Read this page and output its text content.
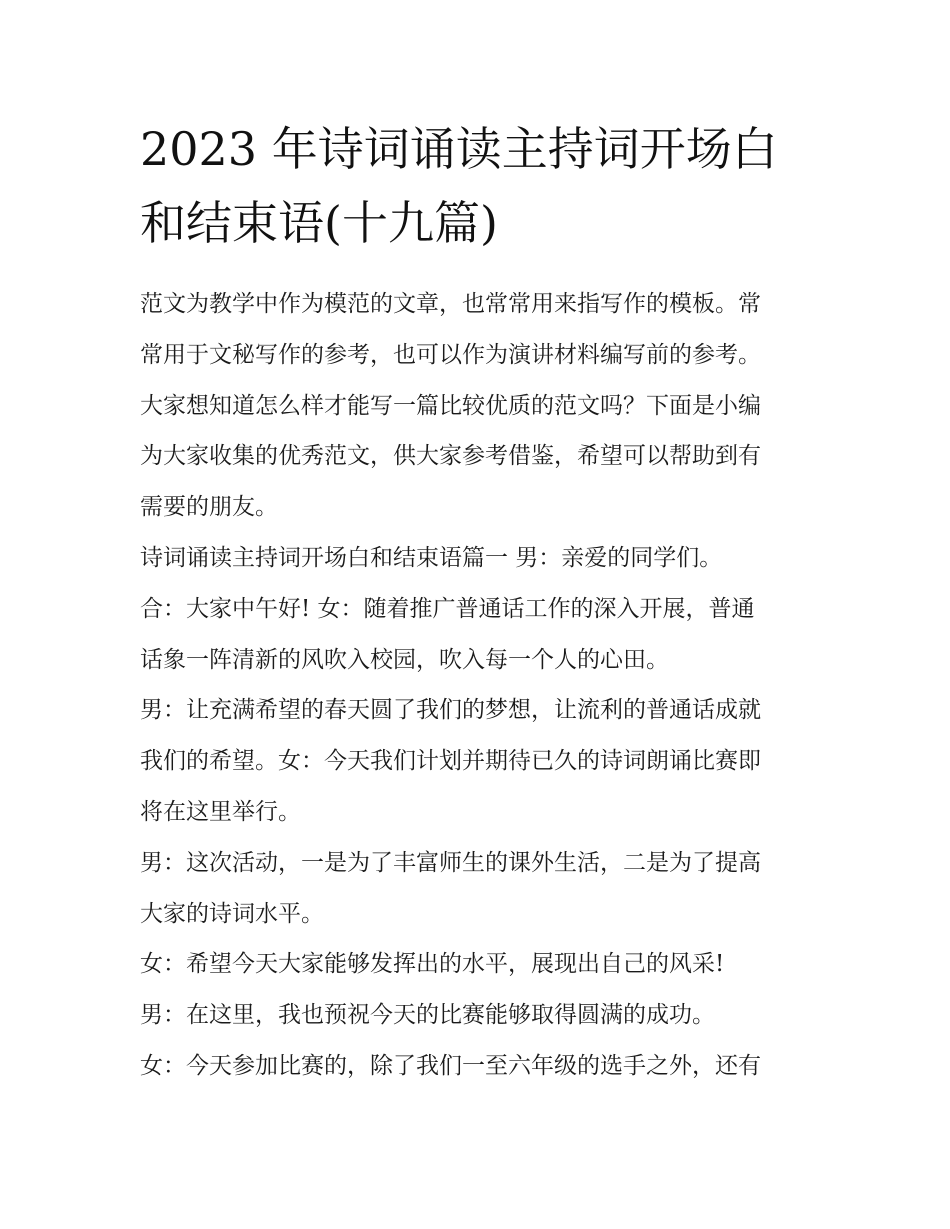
2023 年诗词诵读主持词开场白
和结束语(十九篇)
范文为教学中作为模范的文章，也常常用来指写作的模板。常
常用于文秘写作的参考，也可以作为演讲材料编写前的参考。
大家想知道怎么样才能写一篇比较优质的范文吗？下面是小编
为大家收集的优秀范文，供大家参考借鉴，希望可以帮助到有
需要的朋友。
诗词诵读主持词开场白和结束语篇一 男：亲爱的同学们。
合：大家中午好! 女：随着推广普通话工作的深入开展，普通
话象一阵清新的风吹入校园，吹入每一个人的心田。
男：让充满希望的春天圆了我们的梦想，让流利的普通话成就
我们的希望。女：今天我们计划并期待已久的诗词朗诵比赛即
将在这里举行。
男：这次活动，一是为了丰富师生的课外生活，二是为了提高
大家的诗词水平。
女：希望今天大家能够发挥出的水平，展现出自己的风采!
男：在这里，我也预祝今天的比赛能够取得圆满的成功。
女：今天参加比赛的，除了我们一至六年级的选手之外，还有
